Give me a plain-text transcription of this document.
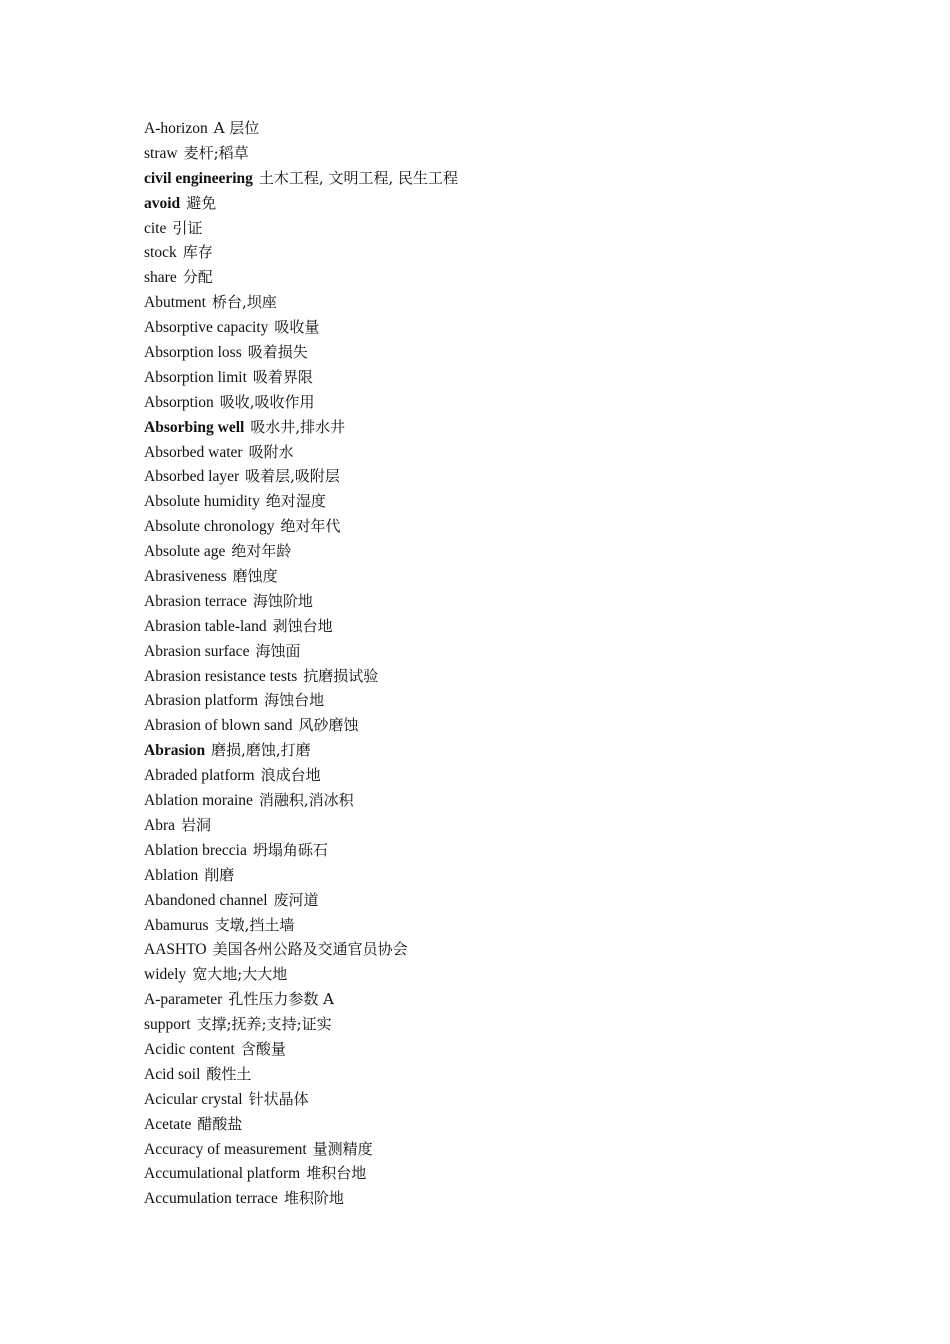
A-horizon A 层位
straw 麦杆;稻草
civil engineering 土木工程, 文明工程, 民生工程
avoid 避免
cite 引证
stock 库存
share 分配
Abutment 桥台,坝座
Absorptive capacity 吸收量
Absorption loss 吸着损失
Absorption limit 吸着界限
Absorption 吸收,吸收作用
Absorbing well 吸水井,排水井
Absorbed water 吸附水
Absorbed layer 吸着层,吸附层
Absolute humidity 绝对湿度
Absolute chronology 绝对年代
Absolute age 绝对年龄
Abrasiveness 磨蚀度
Abrasion terrace 海蚀阶地
Abrasion table-land 剥蚀台地
Abrasion surface 海蚀面
Abrasion resistance tests 抗磨损试验
Abrasion platform 海蚀台地
Abrasion of blown sand 风砂磨蚀
Abrasion 磨损,磨蚀,打磨
Abraded platform 浪成台地
Ablation moraine 消融积,消冰积
Abra 岩洞
Ablation breccia 坍塌角砾石
Ablation 削磨
Abandoned channel 废河道
Abamurus 支墩,挡土墙
AASHTO 美国各州公路及交通官员协会
widely 宽大地;大大地
A-parameter 孔性压力参数 A
support 支撑;抚养;支持;证实
Acidic content 含酸量
Acid soil 酸性土
Acicular crystal 针状晶体
Acetate 醋酸盐
Accuracy of measurement 量测精度
Accumulational platform 堆积台地
Accumulation terrace 堆积阶地
